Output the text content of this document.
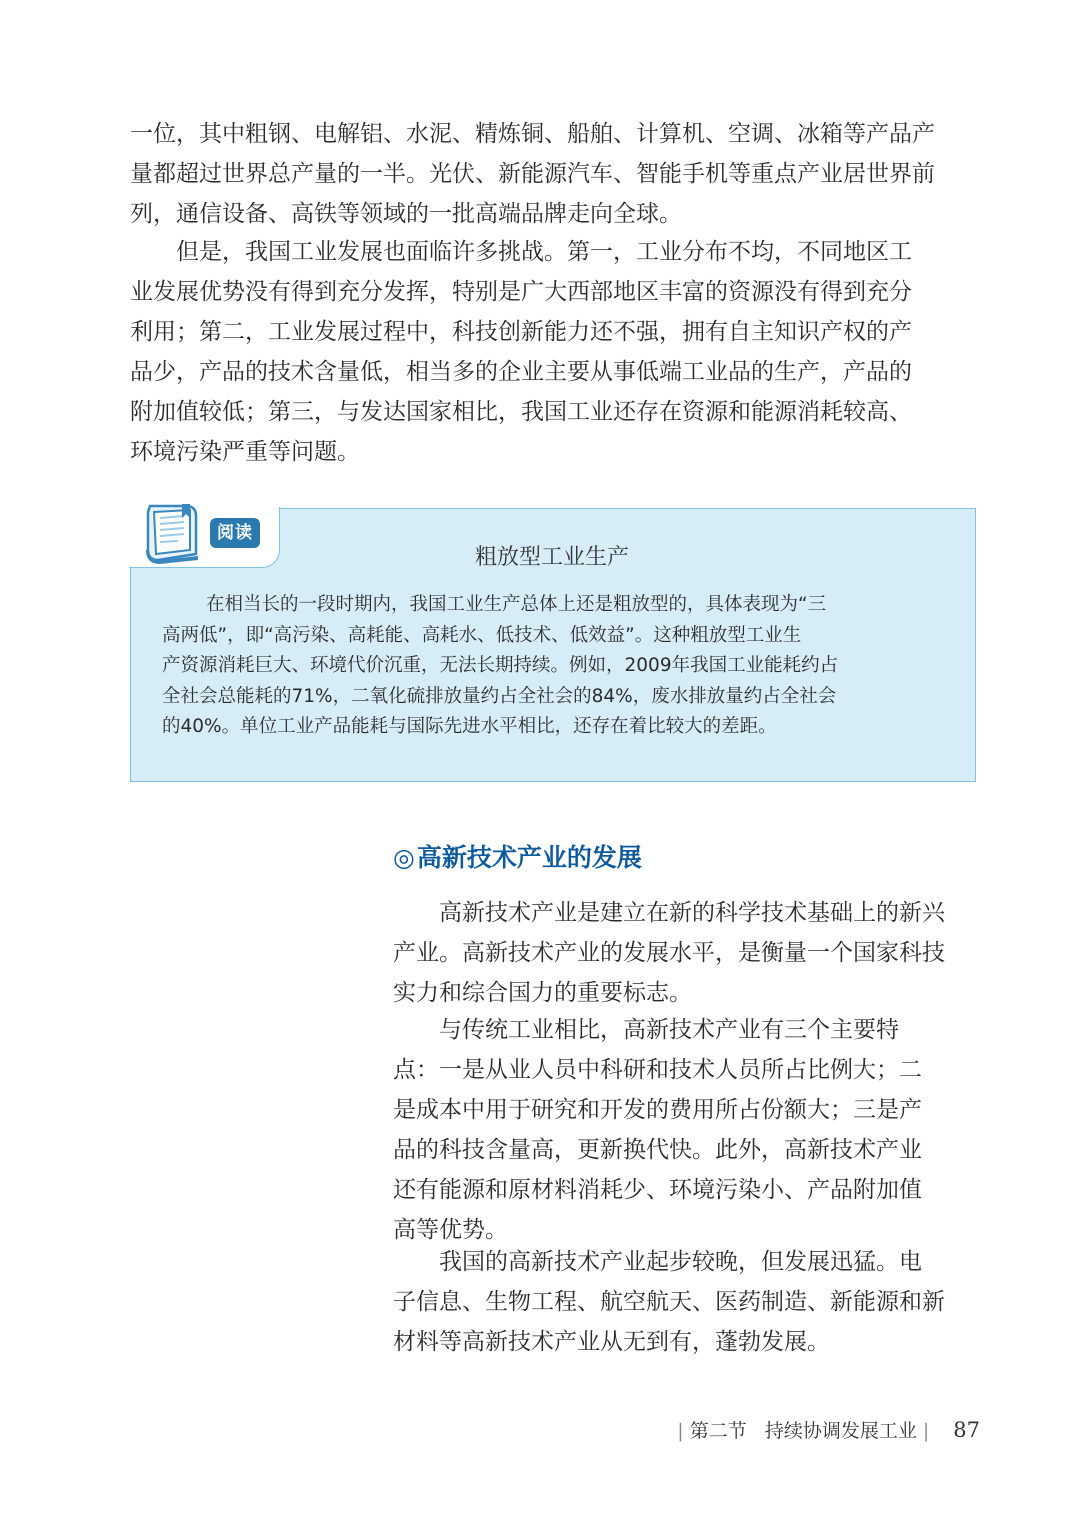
一位，其中粗钢、电解铝、水泥、精炼铜、船舶、计算机、空调、冰箱等产品产
量都超过世界总产量的一半。光伏、新能源汽车、智能手机等重点产业居世界前
列，通信设备、高铁等领域的一批高端品牌走向全球。

但是，我国工业发展也面临许多挑战。第一，工业分布不均，不同地区工
业发展优势没有得到充分发挥，特别是广大西部地区丰富的资源没有得到充分
利用；第二，工业发展过程中，科技创新能力还不强，拥有自主知识产权的产
品少，产品的技术含量低，相当多的企业主要从事低端工业品的生产，产品的
附加值较低；第三，与发达国家相比，我国工业还存在资源和能源消耗较高、
环境污染严重等问题。

阅读
粗放型工业生产

在相当长的一段时期内，我国工业生产总体上还是粗放型的，具体表现为“三
高两低”，即“高污染、高耗能、高耗水、低技术、低效益”。这种粗放型工业生
产资源消耗巨大、环境代价沉重，无法长期持续。例如，2009年我国工业能耗约占
全社会总能耗的71%，二氧化硫排放量约占全社会的84%，废水排放量约占全社会
的40%。单位工业产品能耗与国际先进水平相比，还存在着比较大的差距。

◎高新技术产业的发展

高新技术产业是建立在新的科学技术基础上的新兴
产业。高新技术产业的发展水平，是衡量一个国家科技
实力和综合国力的重要标志。

与传统工业相比，高新技术产业有三个主要特
点：一是从业人员中科研和技术人员所占比例大；二
是成本中用于研究和开发的费用所占份额大；三是产
品的科技含量高，更新换代快。此外，高新技术产业
还有能源和原材料消耗少、环境污染小、产品附加值
高等优势。

我国的高新技术产业起步较晚，但发展迅猛。电
子信息、生物工程、航空航天、医药制造、新能源和新
材料等高新技术产业从无到有，蓬勃发展。

| 第二节 持续协调发展工业 | 87
